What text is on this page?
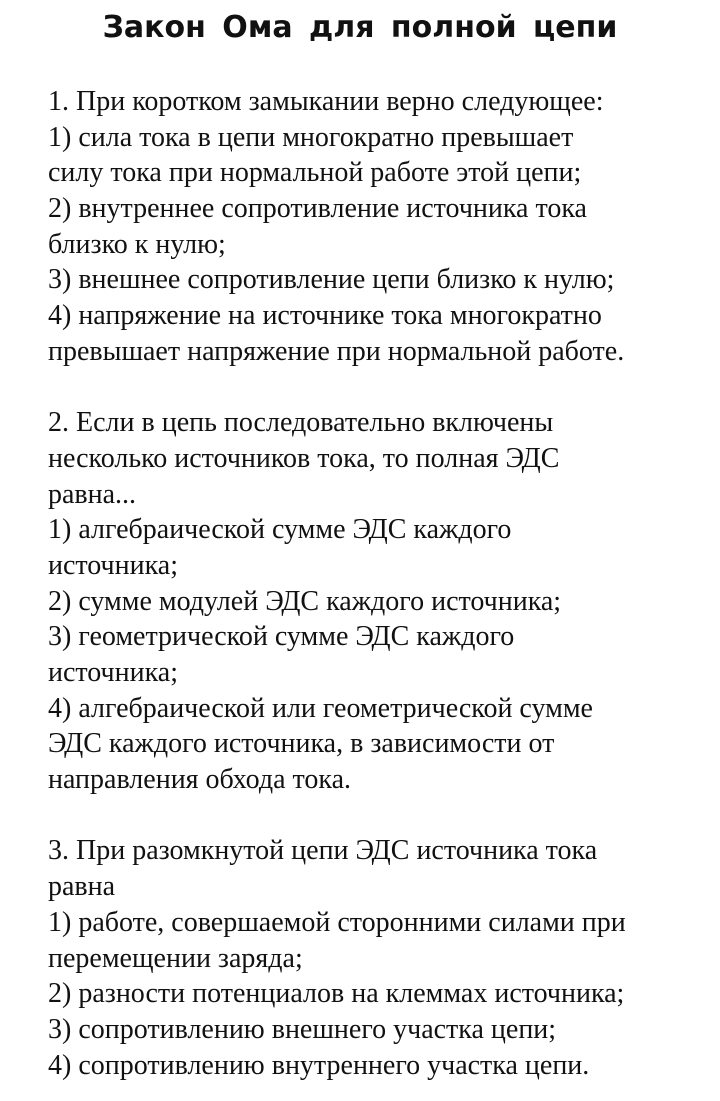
Закон Ома для полной цепи
1. При коротком замыкании верно следующее:
1) сила тока в цепи многократно превышает
силу тока при нормальной работе этой цепи;
2) внутреннее сопротивление источника тока
близко к нулю;
3) внешнее сопротивление цепи близко к нулю;
4) напряжение на источнике тока многократно
превышает напряжение при нормальной работе.
2. Если в цепь последовательно включены
несколько источников тока, то полная ЭДС
равна...
1) алгебраической сумме ЭДС каждого
источника;
2) сумме модулей ЭДС каждого источника;
3) геометрической сумме ЭДС каждого
источника;
4) алгебраической или геометрической сумме
ЭДС каждого источника, в зависимости от
направления обхода тока.
3. При разомкнутой цепи ЭДС источника тока
равна
1) работе, совершаемой сторонними силами при
перемещении заряда;
2) разности потенциалов на клеммах источника;
3) сопротивлению внешнего участка цепи;
4) сопротивлению внутреннего участка цепи.
